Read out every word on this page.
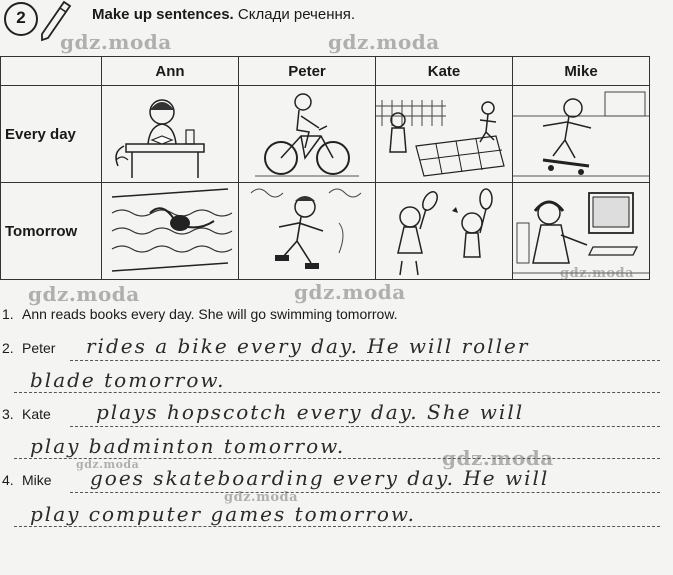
2	Make up sentences. Склади речення.
	Ann	Peter	Kate	Mike
Every day	

Tomorrow	

gdz.moda	gdz.moda
gdz.moda	gdz.moda
gdz.moda
gdz.moda
gdz.moda
gdz.moda
1. Ann reads books every day. She will go swimming tomorrow.
2. Peter rides a bike every day. He will roller
blade tomorrow.
3. Kate plays hopscotch every day. She will
play badminton tomorrow.
4. Mike goes skateboarding every day. He will
play computer games tomorrow.
